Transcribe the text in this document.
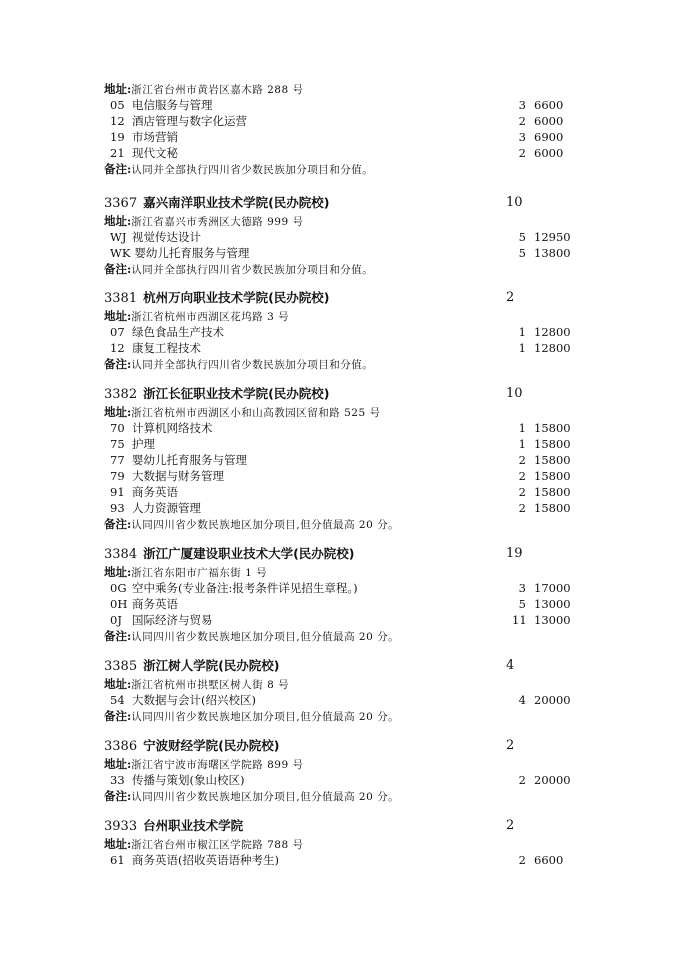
地址:浙江省台州市黄岩区嘉木路 288 号
05 电信服务与管理	3 6600
12 酒店管理与数字化运营	2 6000
19 市场营销	3 6900
21 现代文秘	2 6000
备注:认同并全部执行四川省少数民族加分项目和分值。
3367 嘉兴南洋职业技术学院(民办院校)	10
地址:浙江省嘉兴市秀洲区大德路 999 号
WJ 视觉传达设计	5 12950
WK 婴幼儿托育服务与管理	5 13800
备注:认同并全部执行四川省少数民族加分项目和分值。
3381 杭州万向职业技术学院(民办院校)	2
地址:浙江省杭州市西湖区花坞路 3 号
07 绿色食品生产技术	1 12800
12 康复工程技术	1 12800
备注:认同并全部执行四川省少数民族加分项目和分值。
3382 浙江长征职业技术学院(民办院校)	10
地址:浙江省杭州市西湖区小和山高教园区留和路 525 号
70 计算机网络技术	1 15800
75 护理	1 15800
77 婴幼儿托育服务与管理	2 15800
79 大数据与财务管理	2 15800
91 商务英语	2 15800
93 人力资源管理	2 15800
备注:认同四川省少数民族地区加分项目,但分值最高 20 分。
3384 浙江广厦建设职业技术大学(民办院校)	19
地址:浙江省东阳市广福东街 1 号
0G 空中乘务(专业备注:报考条件详见招生章程。)	3 17000
0H 商务英语	5 13000
0J 国际经济与贸易	11 13000
备注:认同四川省少数民族地区加分项目,但分值最高 20 分。
3385 浙江树人学院(民办院校)	4
地址:浙江省杭州市拱墅区树人街 8 号
54 大数据与会计(绍兴校区)	4 20000
备注:认同四川省少数民族地区加分项目,但分值最高 20 分。
3386 宁波财经学院(民办院校)	2
地址:浙江省宁波市海曙区学院路 899 号
33 传播与策划(象山校区)	2 20000
备注:认同四川省少数民族地区加分项目,但分值最高 20 分。
3933 台州职业技术学院	2
地址:浙江省台州市椒江区学院路 788 号
61 商务英语(招收英语语种考生)	2 6600
